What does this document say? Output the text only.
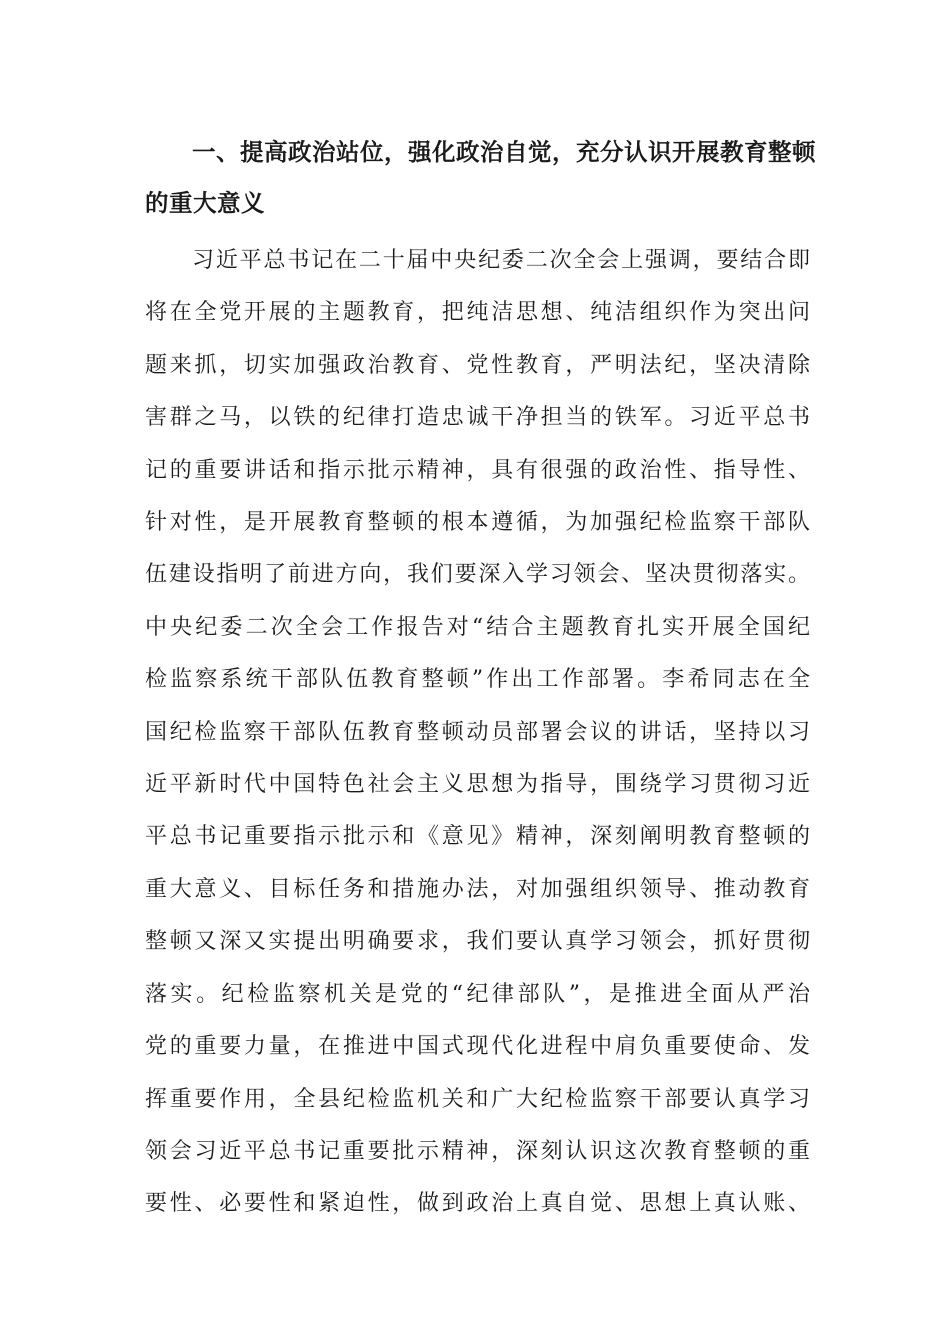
一、提高政治站位，强化政治自觉，充分认识开展教育整顿
的重大意义
习近平总书记在二十届中央纪委二次全会上强调，要结合即
将在全党开展的主题教育，把纯洁思想、纯洁组织作为突出问
题来抓，切实加强政治教育、党性教育，严明法纪，坚决清除
害群之马，以铁的纪律打造忠诚干净担当的铁军。习近平总书
记的重要讲话和指示批示精神，具有很强的政治性、指导性、
针对性，是开展教育整顿的根本遵循，为加强纪检监察干部队
伍建设指明了前进方向，我们要深入学习领会、坚决贯彻落实。
中央纪委二次全会工作报告对“结合主题教育扎实开展全国纪
检监察系统干部队伍教育整顿”作出工作部署。李希同志在全
国纪检监察干部队伍教育整顿动员部署会议的讲话，坚持以习
近平新时代中国特色社会主义思想为指导，围绕学习贯彻习近
平总书记重要指示批示和《意见》精神，深刻阐明教育整顿的
重大意义、目标任务和措施办法，对加强组织领导、推动教育
整顿又深又实提出明确要求，我们要认真学习领会，抓好贯彻
落实。纪检监察机关是党的“纪律部队”，是推进全面从严治
党的重要力量，在推进中国式现代化进程中肩负重要使命、发
挥重要作用，全县纪检监机关和广大纪检监察干部要认真学习
领会习近平总书记重要批示精神，深刻认识这次教育整顿的重
要性、必要性和紧迫性，做到政治上真自觉、思想上真认账、
